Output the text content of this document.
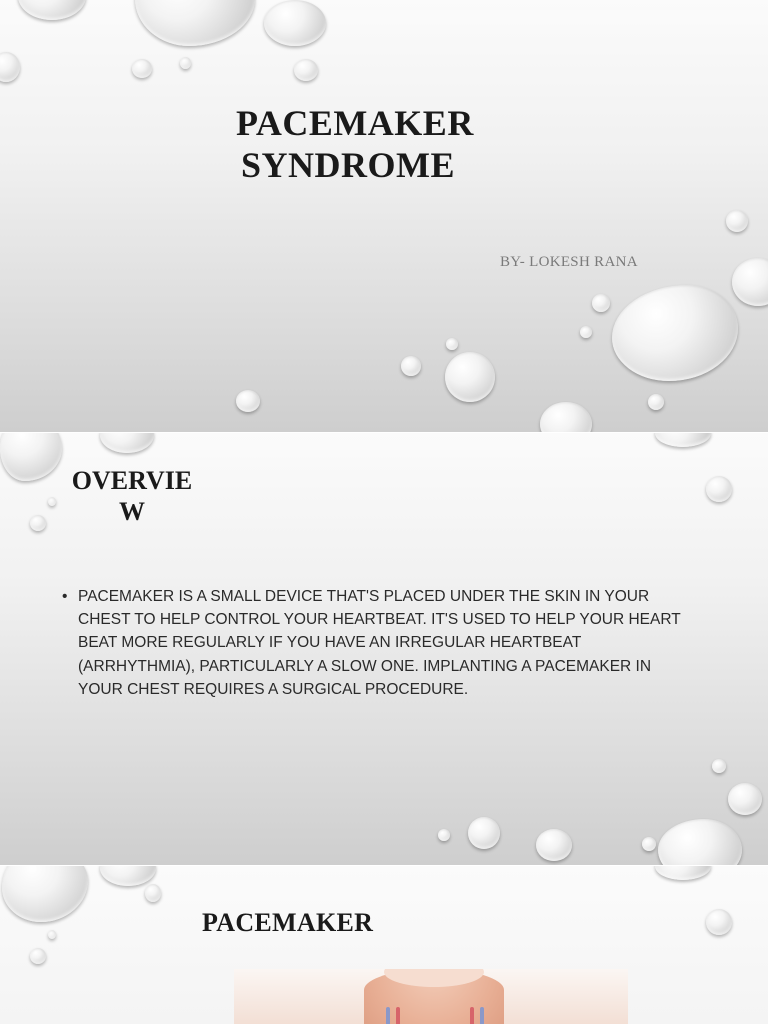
PACEMAKER
SYNDROME
BY- LOKESH RANA
OVERVIE
W
• PACEMAKER IS A SMALL DEVICE THAT'S PLACED UNDER THE SKIN IN YOUR CHEST TO HELP CONTROL YOUR HEARTBEAT. IT'S USED TO HELP YOUR HEART BEAT MORE REGULARLY IF YOU HAVE AN IRREGULAR HEARTBEAT (ARRHYTHMIA), PARTICULARLY A SLOW ONE. IMPLANTING A PACEMAKER IN YOUR CHEST REQUIRES A SURGICAL PROCEDURE.
PACEMAKER
